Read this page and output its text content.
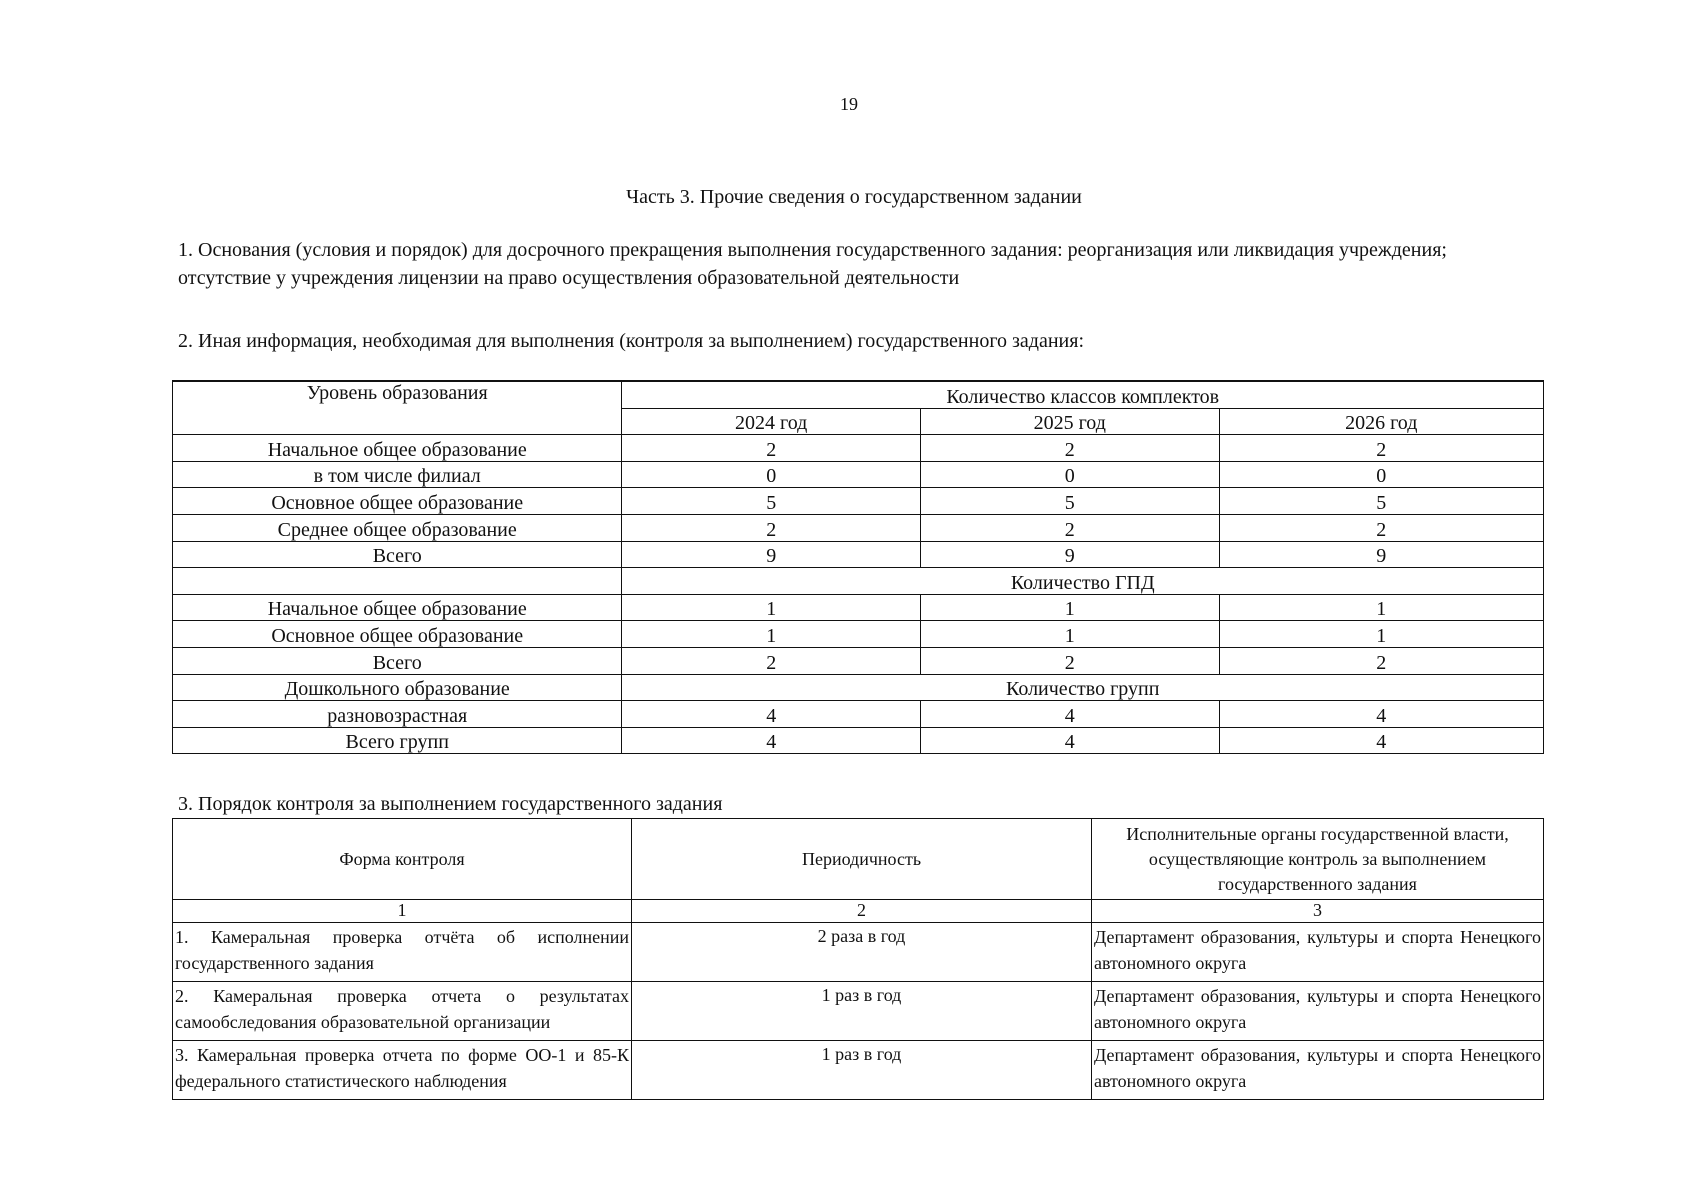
19
Часть 3. Прочие сведения о государственном задании
1. Основания (условия и порядок) для досрочного прекращения выполнения государственного задания: реорганизация или ликвидация учреждения; отсутствие у учреждения лицензии на право осуществления образовательной деятельности
2. Иная информация, необходимая для выполнения (контроля за выполнением) государственного задания:
Уровень образования	Количество классов комплектов		
	2024 год	2025 год	2026 год
Начальное общее образование	2	2	2
в том числе филиал	0	0	0
Основное общее образование	5	5	5
Среднее общее образование	2	2	2
Всего	9	9	9
	Количество ГПД		
Начальное общее образование	1	1	1
Основное общее образование	1	1	1
Всего	2	2	2
Дошкольного образование	Количество групп		
разновозрастная	4	4	4
Всего групп	4	4	4
3. Порядок контроля за выполнением государственного задания
Форма контроля	Периодичность	Исполнительные органы государственной власти, осуществляющие контроль за выполнением государственного задания
1	2	3
1. Камеральная проверка отчёта об исполнении государственного задания	2 раза в год	Департамент образования, культуры и спорта Ненецкого автономного округа
2. Камеральная проверка отчета о результатах самообследования образовательной организации	1 раз в год	Департамент образования, культуры и спорта Ненецкого автономного округа
3. Камеральная проверка отчета по форме ОО-1 и 85-К федерального статистического наблюдения	1 раз в год	Департамент образования, культуры и спорта Ненецкого автономного округа
